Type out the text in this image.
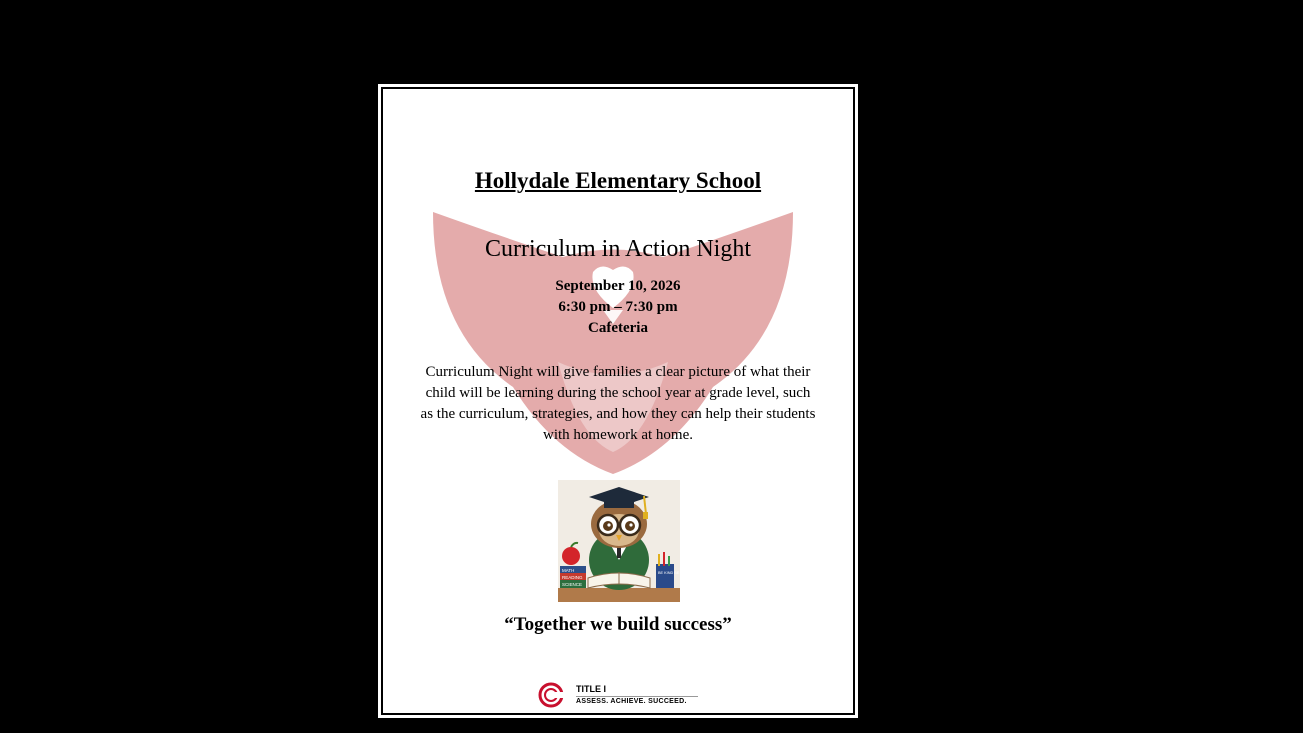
Hollydale Elementary School
Curriculum in Action Night
September 10, 2026
6:30 pm – 7:30 pm
Cafeteria
Curriculum Night will give families a clear picture of what their child will be learning during the school year at grade level, such as the curriculum, strategies, and how they can help their students with homework at home.
MATH
READING
SCIENCE
BE KIND BE WISE
“Together we build success”
TITLE I
ASSESS. ACHIEVE. SUCCEED.
